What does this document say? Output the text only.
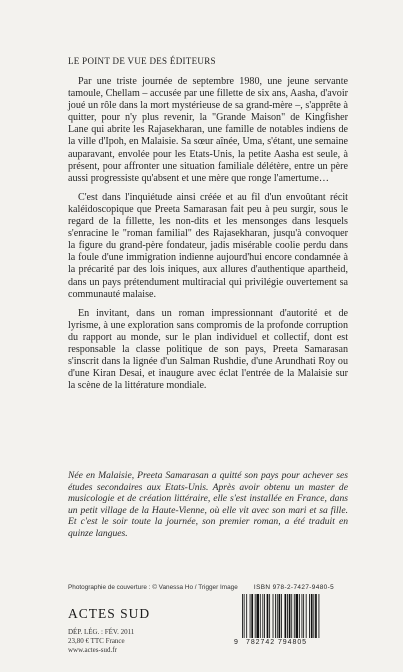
LE POINT DE VUE DES ÉDITEURS

Par une triste journée de septembre 1980, une jeune servante tamoule, Chellam – accusée par une fillette de six ans, Aasha, d'avoir joué un rôle dans la mort mystérieuse de sa grand-mère –, s'apprête à quitter, pour n'y plus revenir, la "Grande Maison" de Kingfisher Lane qui abrite les Rajasekharan, une famille de notables indiens de la ville d'Ipoh, en Malaisie. Sa sœur aînée, Uma, s'étant, une semaine auparavant, envolée pour les Etats-Unis, la petite Aasha est seule, à présent, pour affronter une situation familiale délétère, entre un père aussi progressiste qu'absent et une mère que ronge l'amertume…

C'est dans l'inquiétude ainsi créée et au fil d'un envoûtant récit kaléidoscopique que Preeta Samarasan fait peu à peu surgir, sous le regard de la fillette, les non-dits et les mensonges dans lesquels s'enracine le "roman familial" des Rajasekharan, jusqu'à convoquer la figure du grand-père fondateur, jadis misérable coolie perdu dans la foule d'une immigration indienne aujourd'hui encore condamnée à la précarité par des lois iniques, aux allures d'authentique apartheid, dans un pays prétendument multiracial qui privilégie ouvertement sa communauté malaise.

En invitant, dans un roman impressionnant d'autorité et de lyrisme, à une exploration sans compromis de la profonde corruption du rapport au monde, sur le plan individuel et collectif, dont est responsable la classe politique de son pays, Preeta Samarasan s'inscrit dans la lignée d'un Salman Rushdie, d'une Arundhati Roy ou d'une Kiran Desai, et inaugure avec éclat l'entrée de la Malaisie sur la scène de la littérature mondiale.

Née en Malaisie, Preeta Samarasan a quitté son pays pour achever ses études secondaires aux Etats-Unis. Après avoir obtenu un master de musicologie et de création littéraire, elle s'est installée en France, dans un petit village de la Haute-Vienne, où elle vit avec son mari et sa fille. Et c'est le soir toute la journée, son premier roman, a été traduit en quinze langues.

Photographie de couverture : © Vanessa Ho / Trigger Image
ACTES SUD
DÉP. LÉG. : FÉV. 2011
23,80 € TTC France
www.actes-sud.fr
ISBN 978-2-7427-9480-5
9 782742 794805
